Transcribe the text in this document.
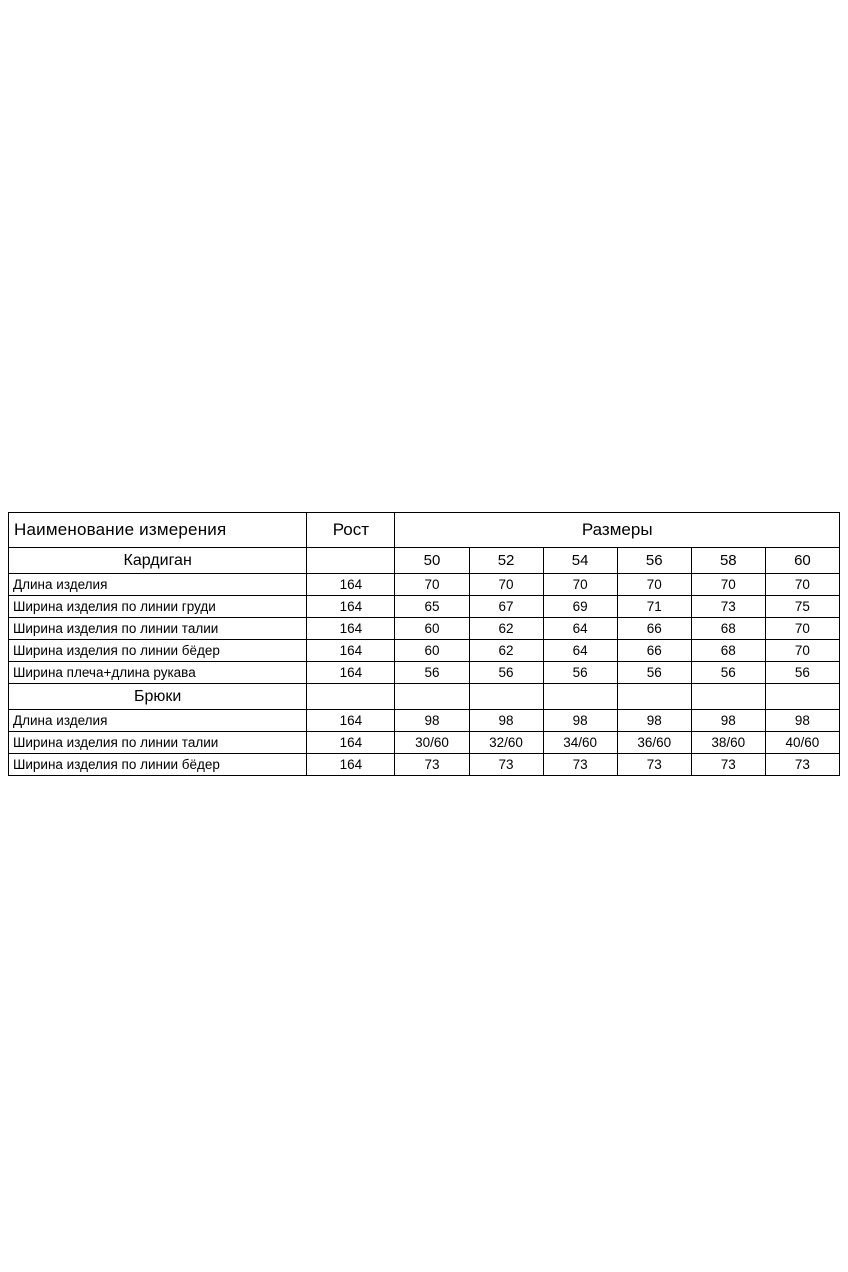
Наименование измерения	Рост	Размеры					
Кардиган		50	52	54	56	58	60
Длина изделия	164	70	70	70	70	70	70
Ширина изделия по линии груди	164	65	67	69	71	73	75
Ширина изделия по линии талии	164	60	62	64	66	68	70
Ширина изделия по линии бёдер	164	60	62	64	66	68	70
Ширина плеча+длина рукава	164	56	56	56	56	56	56
Брюки							
Длина изделия	164	98	98	98	98	98	98
Ширина изделия по линии талии	164	30/60	32/60	34/60	36/60	38/60	40/60
Ширина изделия по линии бёдер	164	73	73	73	73	73	73
